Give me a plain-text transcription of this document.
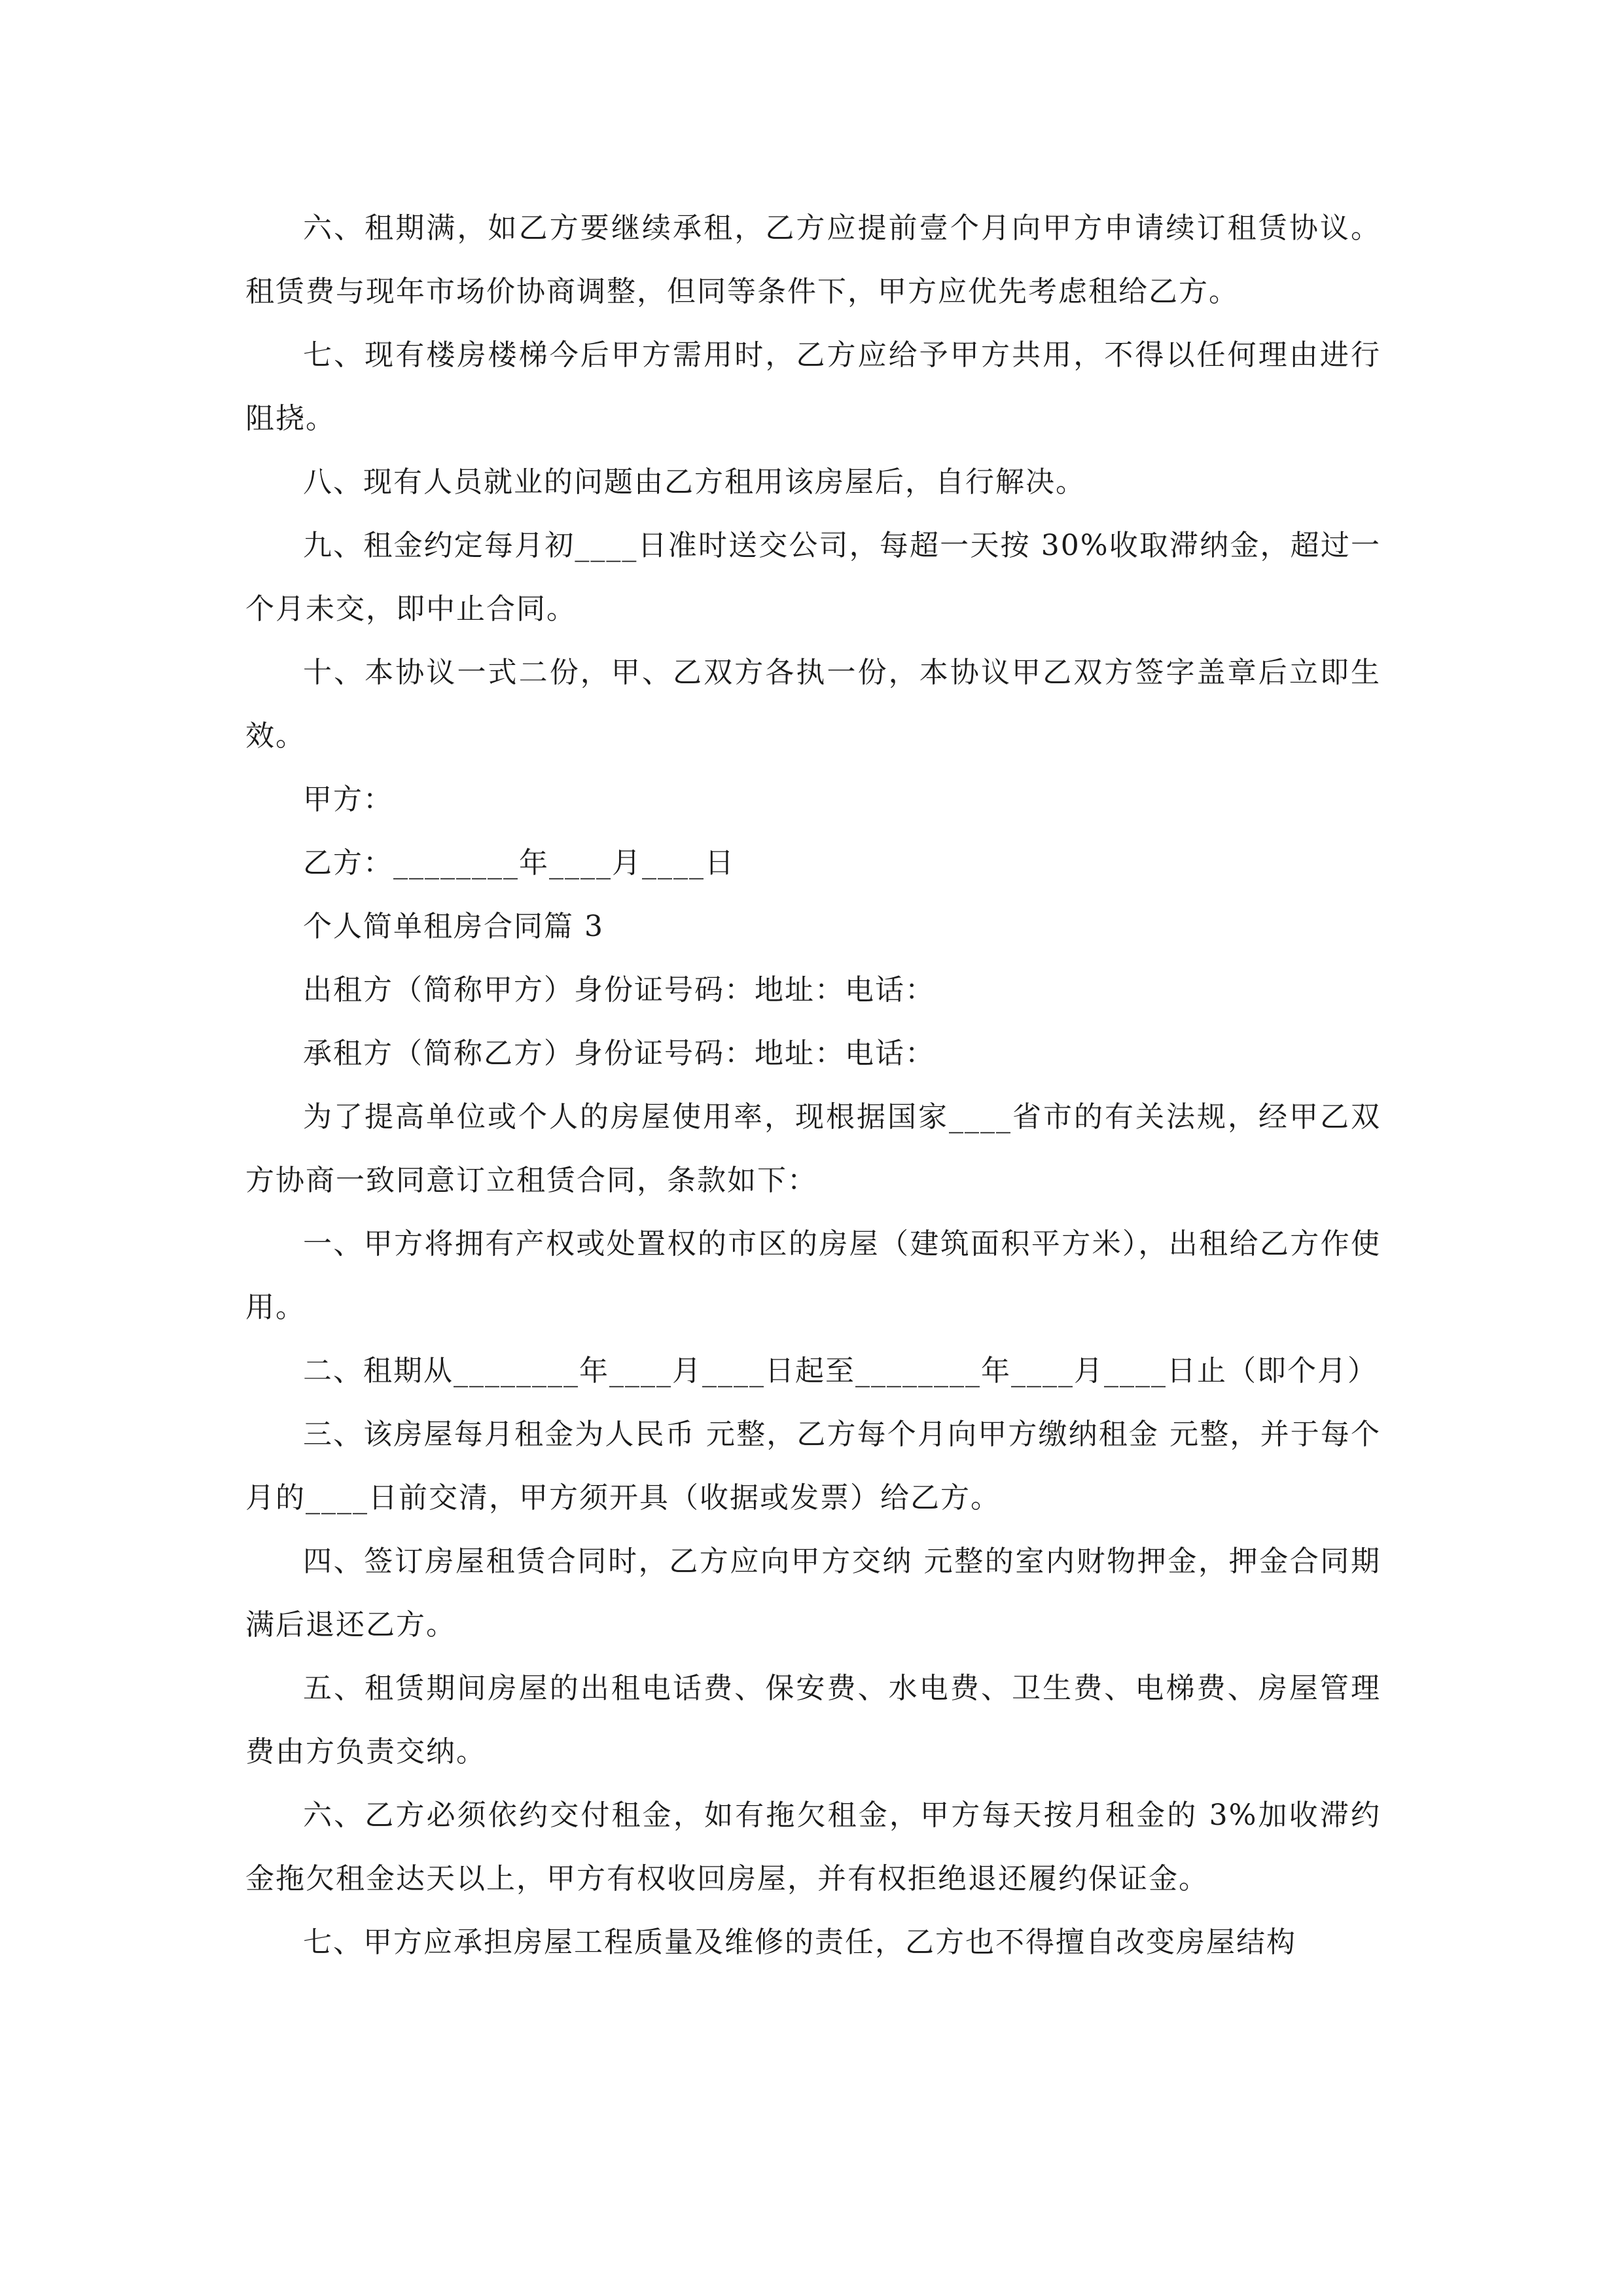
六、租期满，如乙方要继续承租，乙方应提前壹个月向甲方申请续订租赁协议。租赁费与现年市场价协商调整，但同等条件下，甲方应优先考虑租给乙方。

七、现有楼房楼梯今后甲方需用时，乙方应给予甲方共用，不得以任何理由进行阻挠。

八、现有人员就业的问题由乙方租用该房屋后，自行解决。

九、租金约定每月初____日准时送交公司，每超一天按 30%收取滞纳金，超过一个月未交，即中止合同。

十、本协议一式二份，甲、乙双方各执一份，本协议甲乙双方签字盖章后立即生效。

甲方：

乙方：________年____月____日

个人简单租房合同篇 3

出租方（简称甲方）身份证号码：地址：电话：

承租方（简称乙方）身份证号码：地址：电话：

为了提高单位或个人的房屋使用率，现根据国家____省市的有关法规，经甲乙双方协商一致同意订立租赁合同，条款如下：

一、甲方将拥有产权或处置权的市区的房屋（建筑面积平方米），出租给乙方作使用。

二、租期从________年____月____日起至________年____月____日止（即个月）

三、该房屋每月租金为人民币 元整，乙方每个月向甲方缴纳租金 元整，并于每个月的____日前交清，甲方须开具（收据或发票）给乙方。

四、签订房屋租赁合同时，乙方应向甲方交纳 元整的室内财物押金，押金合同期满后退还乙方。

五、租赁期间房屋的出租电话费、保安费、水电费、卫生费、电梯费、房屋管理费由方负责交纳。

六、乙方必须依约交付租金，如有拖欠租金，甲方每天按月租金的 3%加收滞约金拖欠租金达天以上，甲方有权收回房屋，并有权拒绝退还履约保证金。

七、甲方应承担房屋工程质量及维修的责任，乙方也不得擅自改变房屋结构
